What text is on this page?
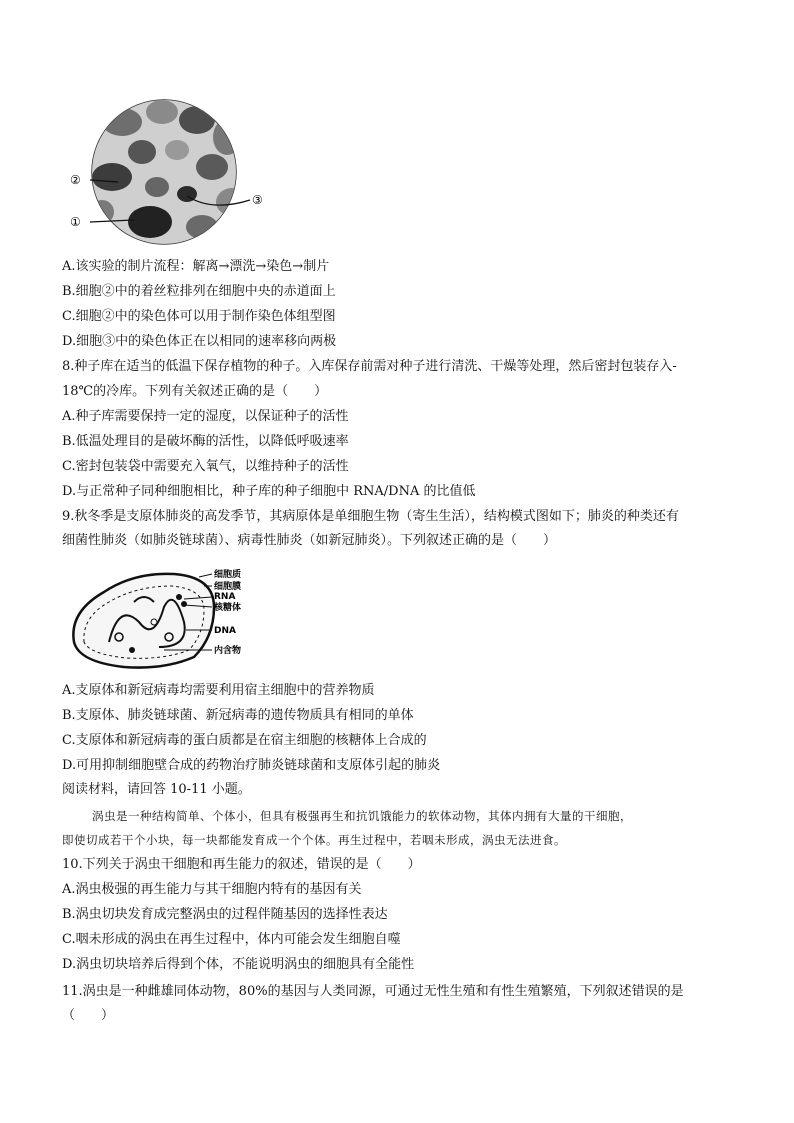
②
①
③
A.该实验的制片流程：解离→漂洗→染色→制片
B.细胞②中的着丝粒排列在细胞中央的赤道面上
C.细胞②中的染色体可以用于制作染色体组型图
D.细胞③中的染色体正在以相同的速率移向两极
8.种子库在适当的低温下保存植物的种子。入库保存前需对种子进行清洗、干燥等处理，然后密封包装存入-
18℃的冷库。下列有关叙述正确的是（　　）
A.种子库需要保持一定的湿度，以保证种子的活性
B.低温处理目的是破坏酶的活性，以降低呼吸速率
C.密封包装袋中需要充入氧气，以维持种子的活性
D.与正常种子同种细胞相比，种子库的种子细胞中 RNA/DNA 的比值低
9.秋冬季是支原体肺炎的高发季节，其病原体是单细胞生物（寄生生活），结构模式图如下；肺炎的种类还有
细菌性肺炎（如肺炎链球菌）、病毒性肺炎（如新冠肺炎）。下列叙述正确的是（　　）
细胞质
细胞膜
RNA
核糖体
DNA
内含物
A.支原体和新冠病毒均需要利用宿主细胞中的营养物质
B.支原体、肺炎链球菌、新冠病毒的遗传物质具有相同的单体
C.支原体和新冠病毒的蛋白质都是在宿主细胞的核糖体上合成的
D.可用抑制细胞壁合成的药物治疗肺炎链球菌和支原体引起的肺炎
阅读材料，请回答 10-11 小题。
涡虫是一种结构简单、个体小，但具有极强再生和抗饥饿能力的软体动物，其体内拥有大量的干细胞，
即使切成若干个小块，每一块都能发育成一个个体。再生过程中，若咽未形成，涡虫无法进食。
10.下列关于涡虫干细胞和再生能力的叙述，错误的是（　　）
A.涡虫极强的再生能力与其干细胞内特有的基因有关
B.涡虫切块发育成完整涡虫的过程伴随基因的选择性表达
C.咽未形成的涡虫在再生过程中，体内可能会发生细胞自噬
D.涡虫切块培养后得到个体，不能说明涡虫的细胞具有全能性
11.涡虫是一种雌雄同体动物，80%的基因与人类同源，可通过无性生殖和有性生殖繁殖，下列叙述错误的是
（　　）
